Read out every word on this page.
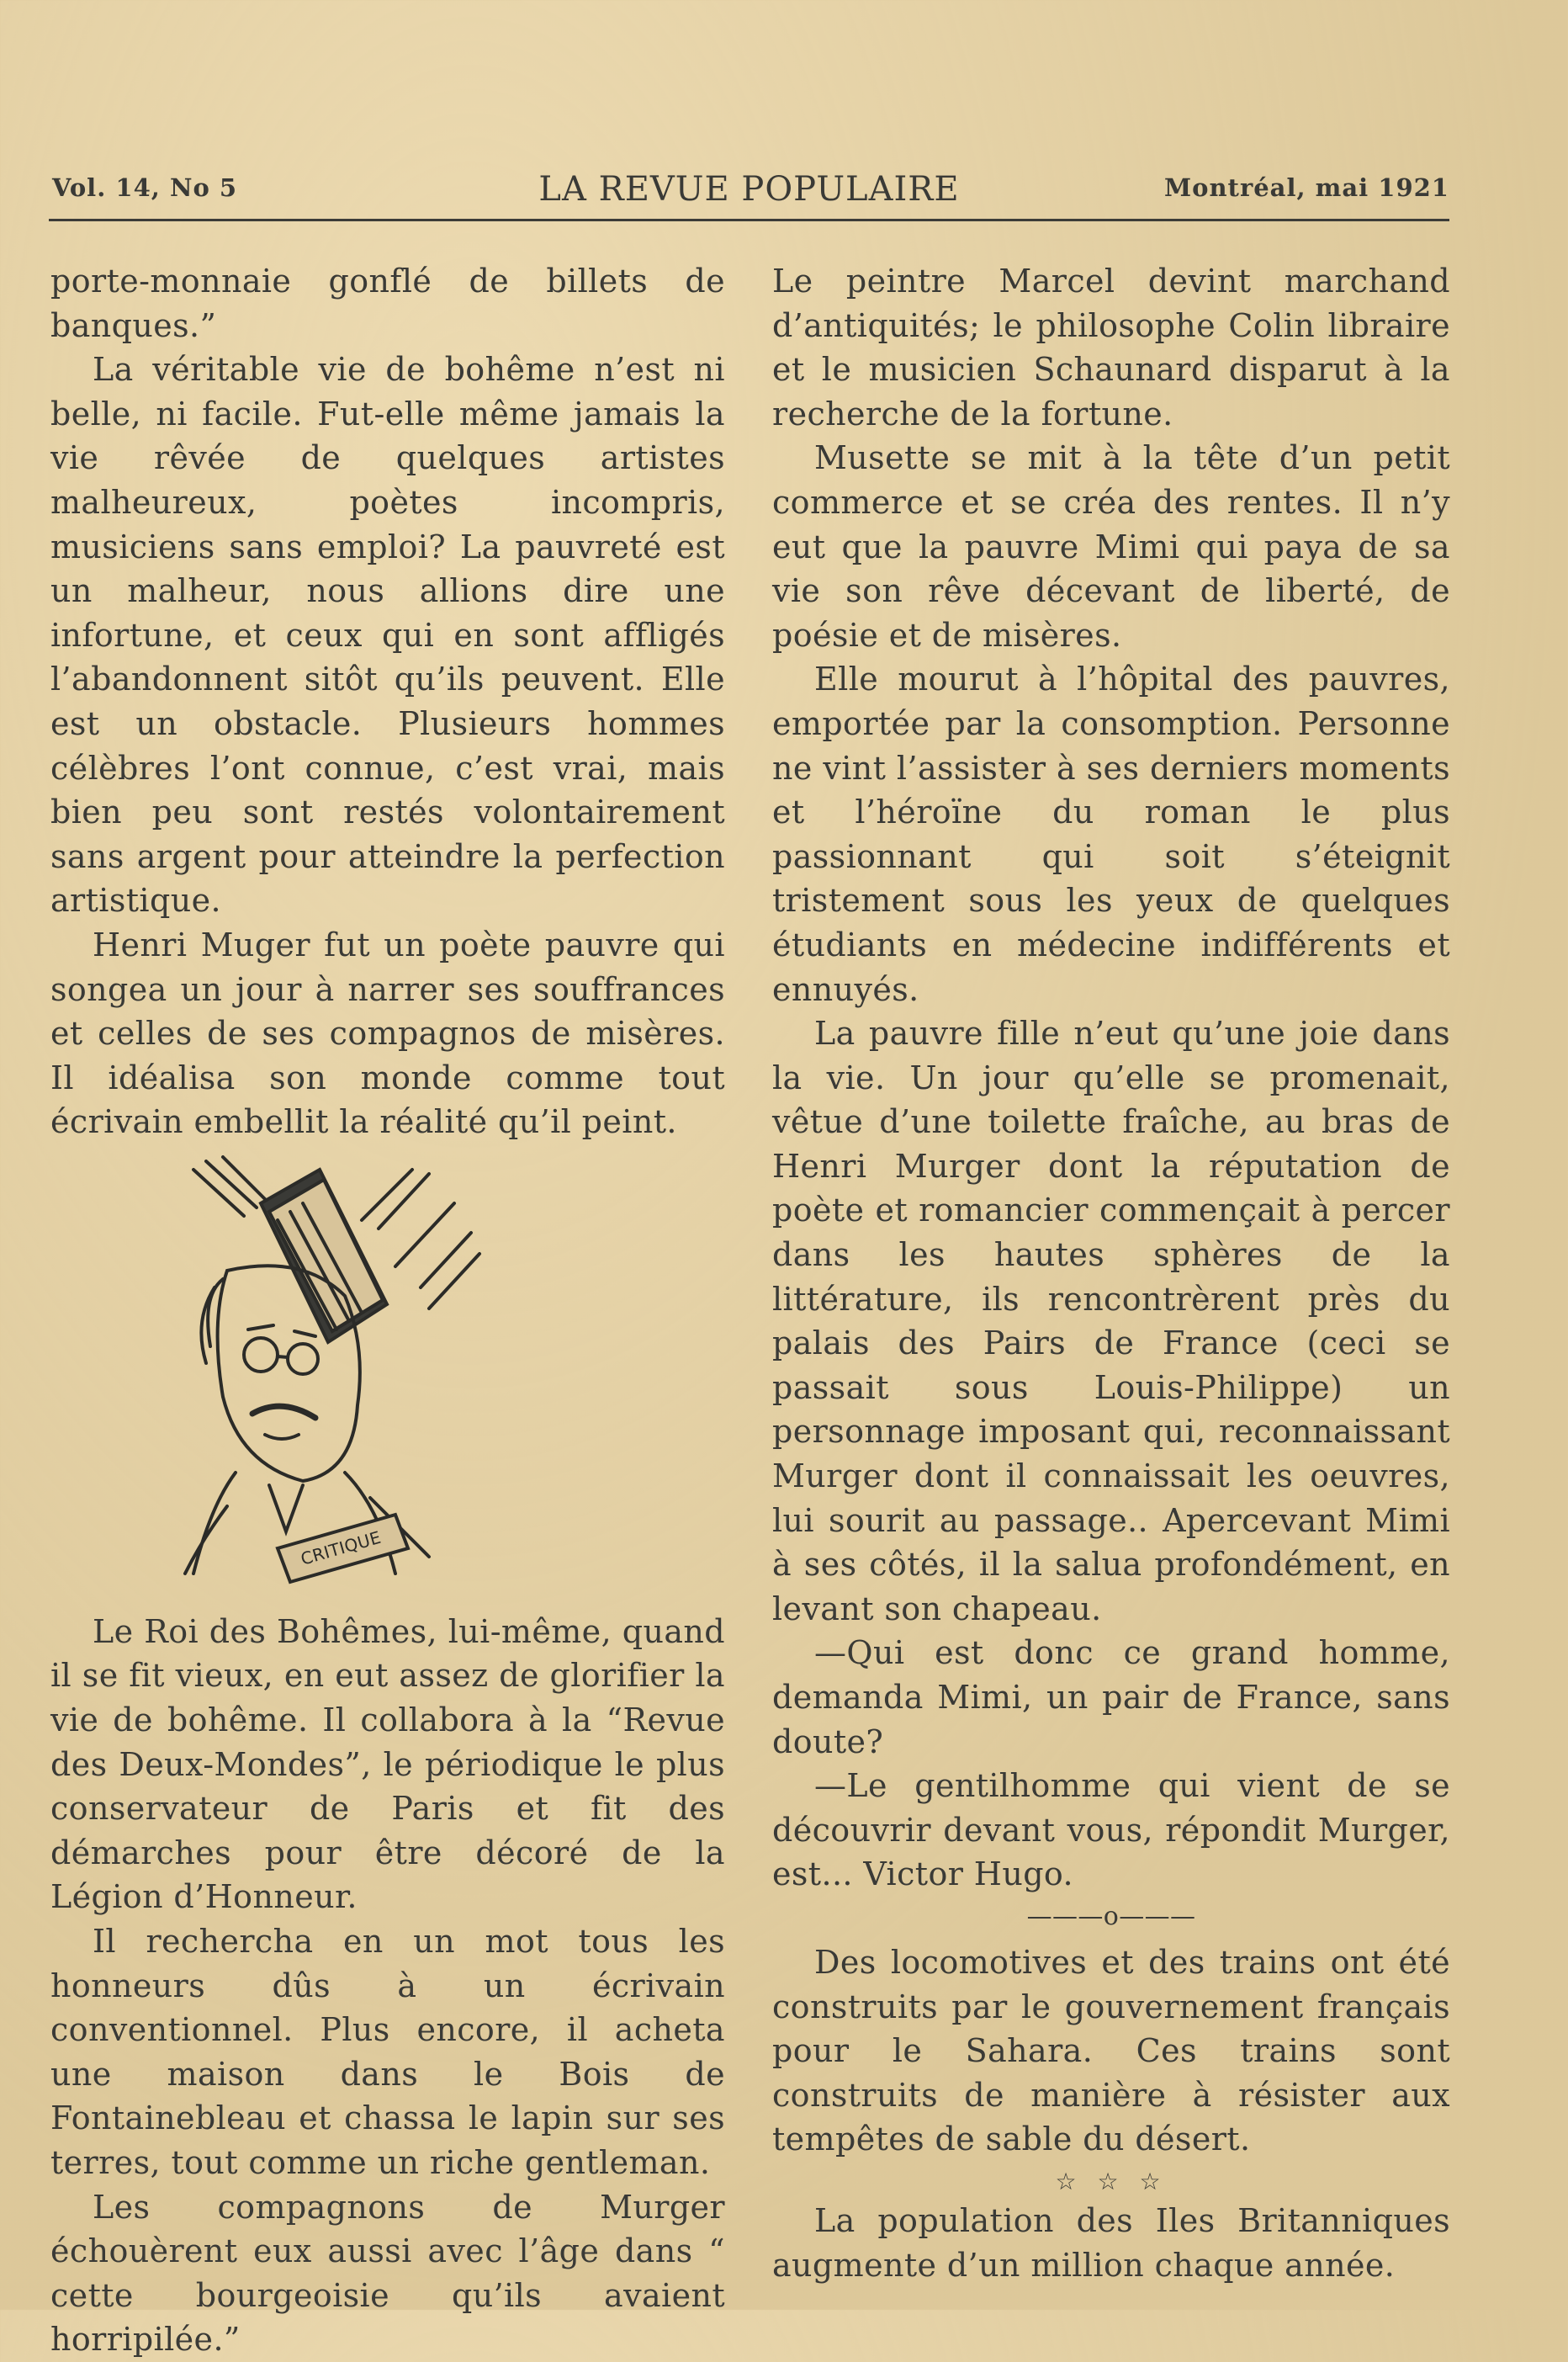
Vol. 14, No 5	LA REVUE POPULAIRE	Montréal, mai 1921

porte-monnaie gonflé de billets de banques.”

La véritable vie de bohême n’est ni belle, ni facile. Fut-elle même jamais la vie rêvée de quelques artistes malheureux, poètes incompris, musiciens sans emploi? La pauvreté est un malheur, nous allions dire une infortune, et ceux qui en sont affligés l’abandonnent sitôt qu’ils peuvent. Elle est un obstacle. Plusieurs hommes célèbres l’ont connue, c’est vrai, mais bien peu sont restés volontairement sans argent pour atteindre la perfection artistique.

Henri Muger fut un poète pauvre qui songea un jour à narrer ses souffrances et celles de ses compagnos de misères. Il idéalisa son monde comme tout écrivain embellit la réalité qu’il peint.

CRITIQUE

Le Roi des Bohêmes, lui-même, quand il se fit vieux, en eut assez de glorifier la vie de bohême. Il collabora à la “Revue des Deux-Mondes”, le périodique le plus conservateur de Paris et fit des démarches pour être décoré de la Légion d’Honneur.

Il rechercha en un mot tous les honneurs dûs à un écrivain conventionnel. Plus encore, il acheta une maison dans le Bois de Fontainebleau et chassa le lapin sur ses terres, tout comme un riche gentleman.

Les compagnons de Murger échouèrent eux aussi avec l’âge dans “ cette bourgeoisie qu’ils avaient horripilée.”

Le peintre Marcel devint marchand d’antiquités; le philosophe Colin libraire et le musicien Schaunard disparut à la recherche de la fortune.

Musette se mit à la tête d’un petit commerce et se créa des rentes. Il n’y eut que la pauvre Mimi qui paya de sa vie son rêve décevant de liberté, de poésie et de misères.

Elle mourut à l’hôpital des pauvres, emportée par la consomption. Personne ne vint l’assister à ses derniers moments et l’héroïne du roman le plus passionnant qui soit s’éteignit tristement sous les yeux de quelques étudiants en médecine indifférents et ennuyés.

La pauvre fille n’eut qu’une joie dans la vie. Un jour qu’elle se promenait, vêtue d’une toilette fraîche, au bras de Henri Murger dont la réputation de poète et romancier commençait à percer dans les hautes sphères de la littérature, ils rencontrèrent près du palais des Pairs de France (ceci se passait sous Louis-Philippe) un personnage imposant qui, reconnaissant Murger dont il connaissait les oeuvres, lui sourit au passage.. Apercevant Mimi à ses côtés, il la salua profondément, en levant son chapeau.

—Qui est donc ce grand homme, demanda Mimi, un pair de France, sans doute?

—Le gentilhomme qui vient de se découvrir devant vous, répondit Murger, est... Victor Hugo.

———o———

Des locomotives et des trains ont été construits par le gouvernement français pour le Sahara. Ces trains sont construits de manière à résister aux tempêtes de sable du désert.

☆ ☆ ☆

La population des Iles Britanniques augmente d’un million chaque année.
